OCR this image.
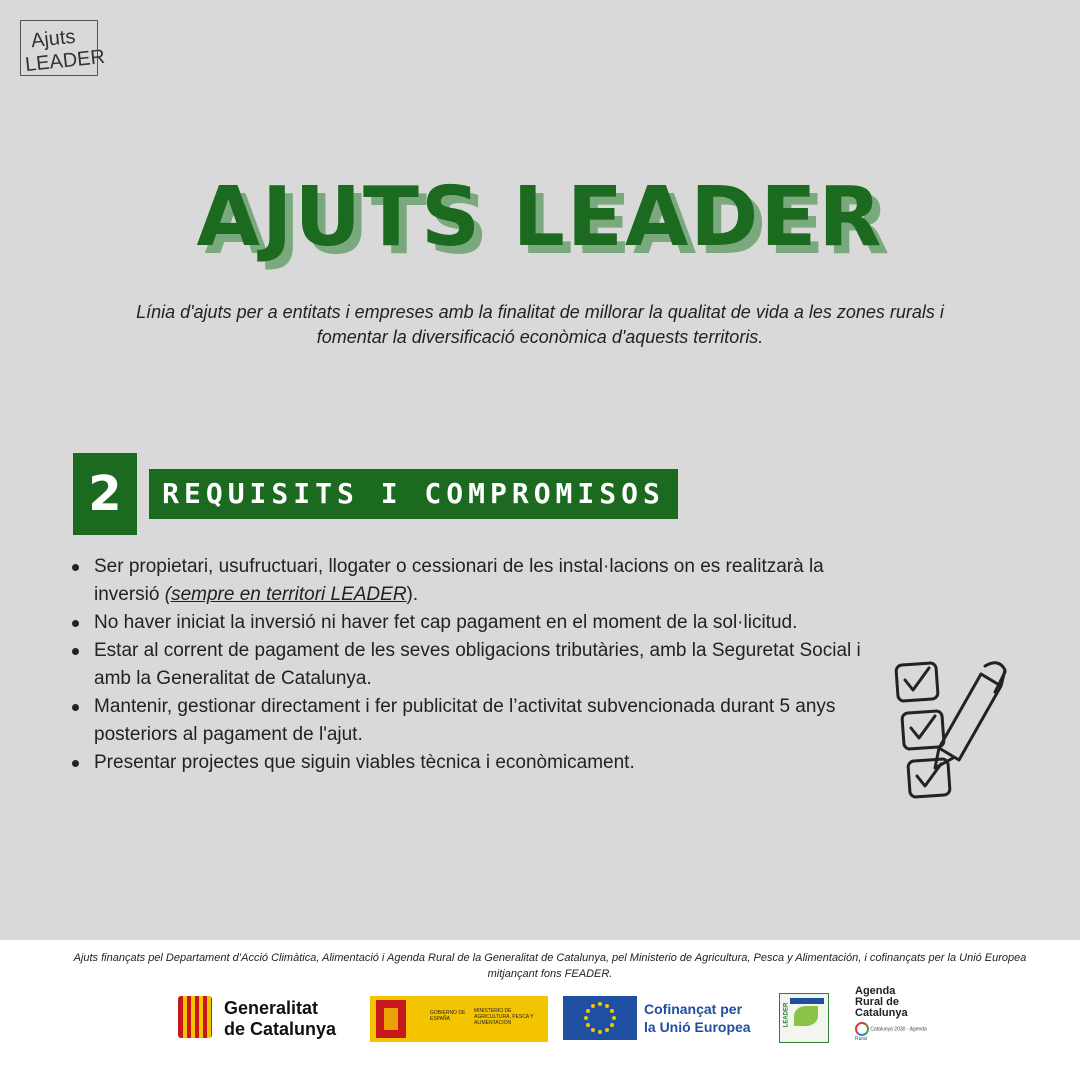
Ajuts
LEADER
AJUTS LEADER
Línia d'ajuts per a entitats i empreses amb la finalitat de millorar la qualitat de vida a les zones rurals i fomentar la diversificació econòmica d'aquests territoris.
2	REQUISITS I COMPROMISOS
Ser propietari, usufructuari, llogater o cessionari de les instal·lacions on es realitzarà la inversió (sempre en territori LEADER).
No haver iniciat la inversió ni haver fet cap pagament en el moment de la sol·licitud.
Estar al corrent de pagament de les seves obligacions tributàries, amb la Seguretat Social i amb la Generalitat de Catalunya.
Mantenir, gestionar directament i fer publicitat de l’activitat subvencionada durant 5 anys posteriors al pagament de l'ajut.
Presentar projectes que siguin viables tècnica i econòmicament.
Ajuts finançats pel Departament d’Acció Climàtica, Alimentació i Agenda Rural de la Generalitat de Catalunya, pel Ministerio de Agricultura, Pesca y Alimentación, i cofinançats per la Unió Europea mitjançant fons FEADER.
Generalitat
de Catalunya
GOBIERNO DE ESPAÑA
MINISTERIO DE AGRICULTURA, PESCA Y ALIMENTACIÓN
Cofinançat per
la Unió Europea	LEADER
Agenda
Rural de
Catalunya
Catalunya 2030 · Agenda Rural
